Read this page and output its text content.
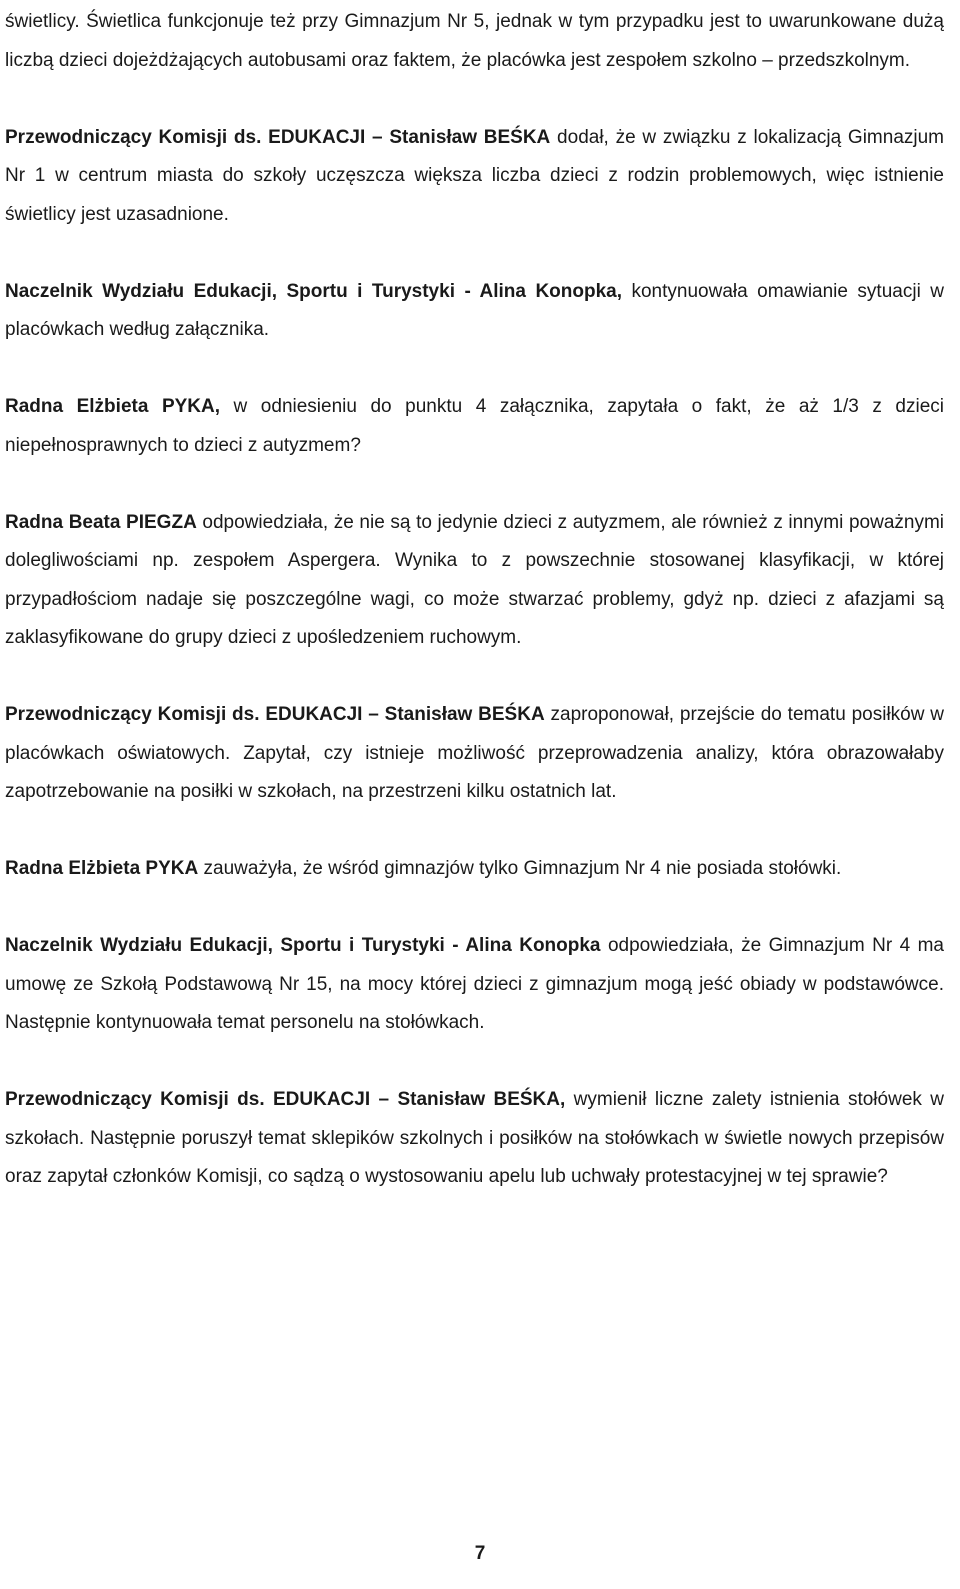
świetlicy. Świetlica funkcjonuje też przy Gimnazjum Nr 5, jednak w tym przypadku jest to uwarunkowane dużą liczbą dzieci dojeżdżających autobusami oraz faktem, że placówka jest zespołem szkolno – przedszkolnym.

Przewodniczący Komisji ds. EDUKACJI – Stanisław BEŚKA dodał, że w związku z lokalizacją Gimnazjum Nr 1 w centrum miasta do szkoły uczęszcza większa liczba dzieci z rodzin problemowych, więc istnienie świetlicy jest uzasadnione.

Naczelnik Wydziału Edukacji, Sportu i Turystyki - Alina Konopka, kontynuowała omawianie sytuacji w placówkach według załącznika.

Radna Elżbieta PYKA, w odniesieniu do punktu 4 załącznika, zapytała o fakt, że aż 1/3 z dzieci niepełnosprawnych to dzieci z autyzmem?

Radna Beata PIEGZA odpowiedziała, że nie są to jedynie dzieci z autyzmem, ale również z innymi poważnymi dolegliwościami np. zespołem Aspergera. Wynika to z powszechnie stosowanej klasyfikacji, w której przypadłościom nadaje się poszczególne wagi, co może stwarzać problemy, gdyż np. dzieci z afazjami są zaklasyfikowane do grupy dzieci z upośledzeniem ruchowym.

Przewodniczący Komisji ds. EDUKACJI – Stanisław BEŚKA zaproponował, przejście do tematu posiłków w placówkach oświatowych. Zapytał, czy istnieje możliwość przeprowadzenia analizy, która obrazowałaby zapotrzebowanie na posiłki w szkołach, na przestrzeni kilku ostatnich lat.

Radna Elżbieta PYKA zauważyła, że wśród gimnazjów tylko Gimnazjum Nr 4 nie posiada stołówki.

Naczelnik Wydziału Edukacji, Sportu i Turystyki - Alina Konopka odpowiedziała, że Gimnazjum Nr 4 ma umowę ze Szkołą Podstawową Nr 15, na mocy której dzieci z gimnazjum mogą jeść obiady w podstawówce. Następnie kontynuowała temat personelu na stołówkach.

Przewodniczący Komisji ds. EDUKACJI – Stanisław BEŚKA, wymienił liczne zalety istnienia stołówek w szkołach. Następnie poruszył temat sklepików szkolnych i posiłków na stołówkach w świetle nowych przepisów oraz zapytał członków Komisji, co sądzą o wystosowaniu apelu lub uchwały protestacyjnej w tej sprawie?

7
